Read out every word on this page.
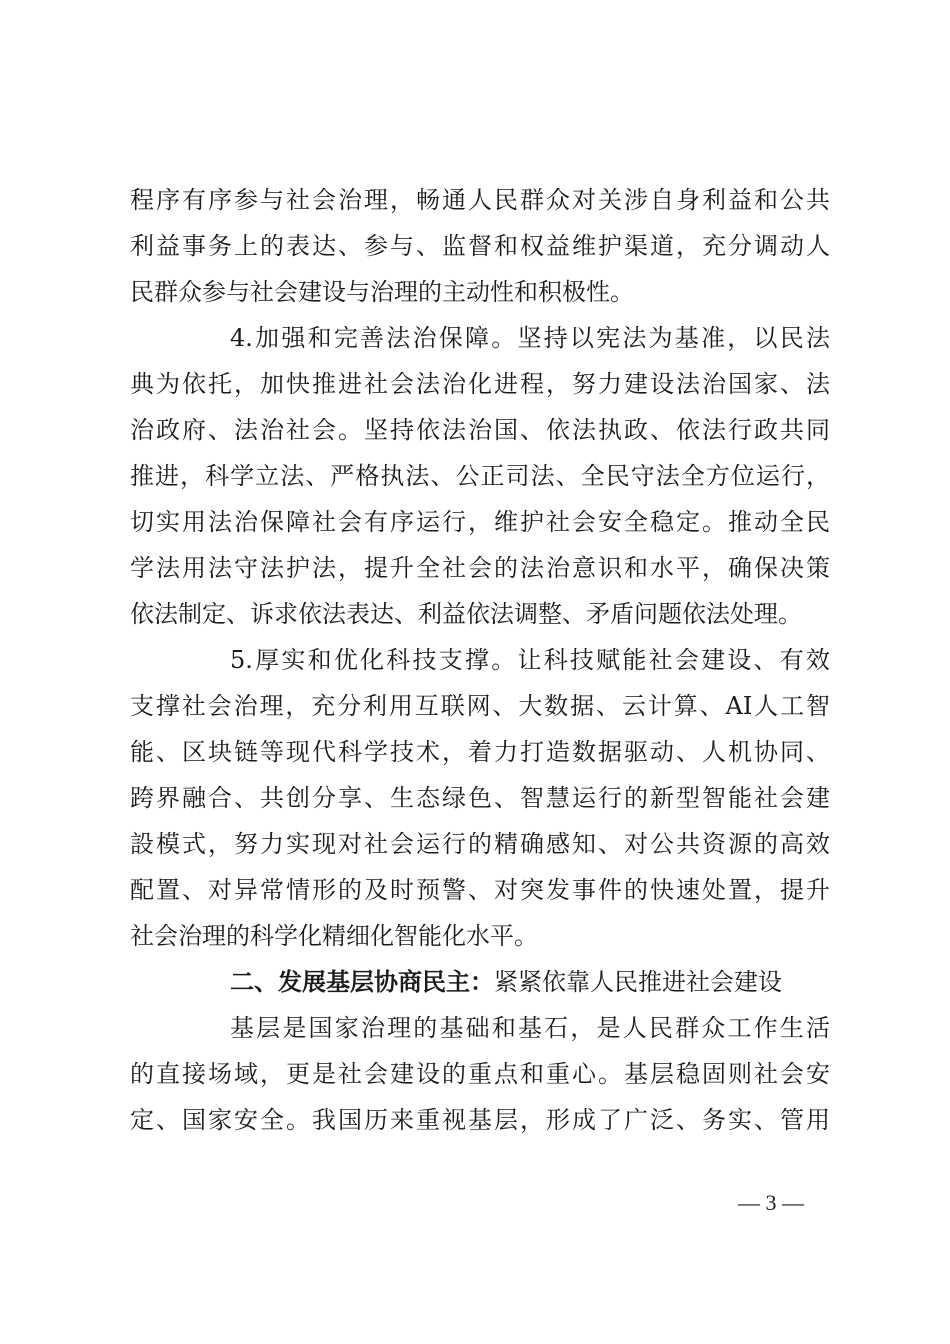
程序有序参与社会治理，畅通人民群众对关涉自身利益和公共
利益事务上的表达、参与、监督和权益维护渠道，充分调动人
民群众参与社会建设与治理的主动性和积极性。
4.加强和完善法治保障。坚持以宪法为基准，以民法
典为依托，加快推进社会法治化进程，努力建设法治国家、法
治政府、法治社会。坚持依法治国、依法执政、依法行政共同
推进，科学立法、严格执法、公正司法、全民守法全方位运行，
切实用法治保障社会有序运行，维护社会安全稳定。推动全民
学法用法守法护法，提升全社会的法治意识和水平，确保决策
依法制定、诉求依法表达、利益依法调整、矛盾问题依法处理。
5.厚实和优化科技支撑。让科技赋能社会建设、有效
支撑社会治理，充分利用互联网、大数据、云计算、AI人工智
能、区块链等现代科学技术，着力打造数据驱动、人机协同、
跨界融合、共创分享、生态绿色、智慧运行的新型智能社会建
設模式，努力实现对社会运行的精确感知、对公共资源的高效
配置、对异常情形的及时预警、对突发事件的快速处置，提升
社会治理的科学化精细化智能化水平。
二、发展基层协商民主：紧紧依靠人民推进社会建设
基层是国家治理的基础和基石，是人民群众工作生活
的直接场域，更是社会建设的重点和重心。基层稳固则社会安
定、国家安全。我国历来重视基层，形成了广泛、务实、管用
— 3 —
